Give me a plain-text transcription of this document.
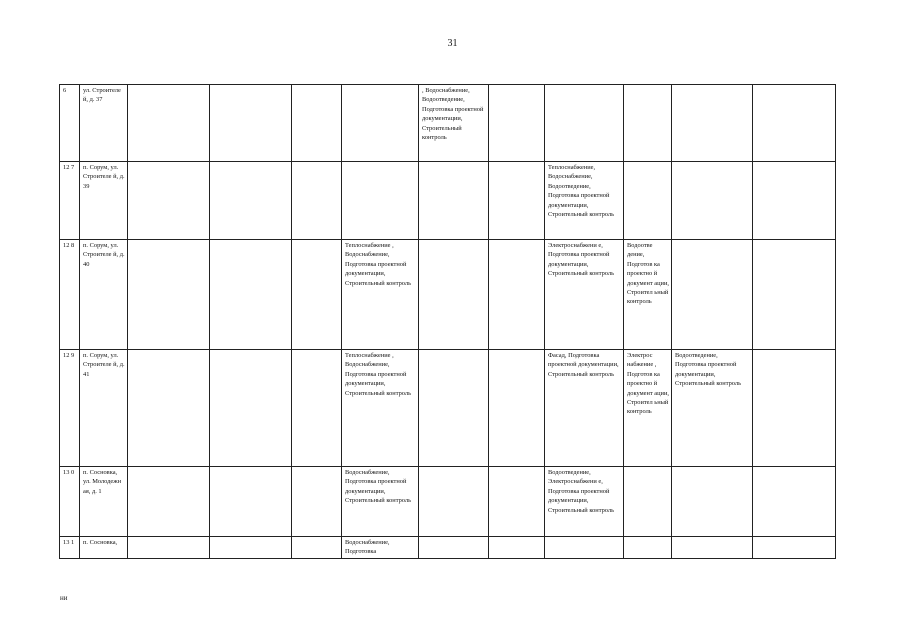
31
6	ул. Строителе й, д. 37					, Водоснабжение, Водоотведение, Подготовка проектной документации, Строительный контроль					
12 7	п. Сорум, ул. Строителе й, д. 39							Теплоснабжение, Водоснабжение, Водоотведение, Подготовка проектной документации, Строительный контроль			
12 8	п. Сорум, ул. Строителе й, д. 40				Теплоснабжение , Водоснабжение, Подготовка проектной документации, Строительный контроль			Электроснабжени е, Подготовка проектной документации, Строительный контроль	Водоотве дение, Подготов ка проектно й документ ации, Строител ьный контроль		
12 9	п. Сорум, ул. Строителе й, д. 41				Теплоснабжение , Водоснабжение, Подготовка проектной документации, Строительный контроль			Фасад, Подготовка проектной документации, Строительный контроль	Электрос набжение , Подготов ка проектно й документ ации, Строител ьный контроль	Водоотведение, Подготовка проектной документации, Строительный контроль	
13 0	п. Сосновка, ул. Молодежн ая, д. 1				Водоснабжение, Подготовка проектной документации, Строительный контроль			Водоотведение, Электроснабжени е, Подготовка проектной документации, Строительный контроль			
13 1	п. Сосновка,				Водоснабжение, Подготовка						
ни
